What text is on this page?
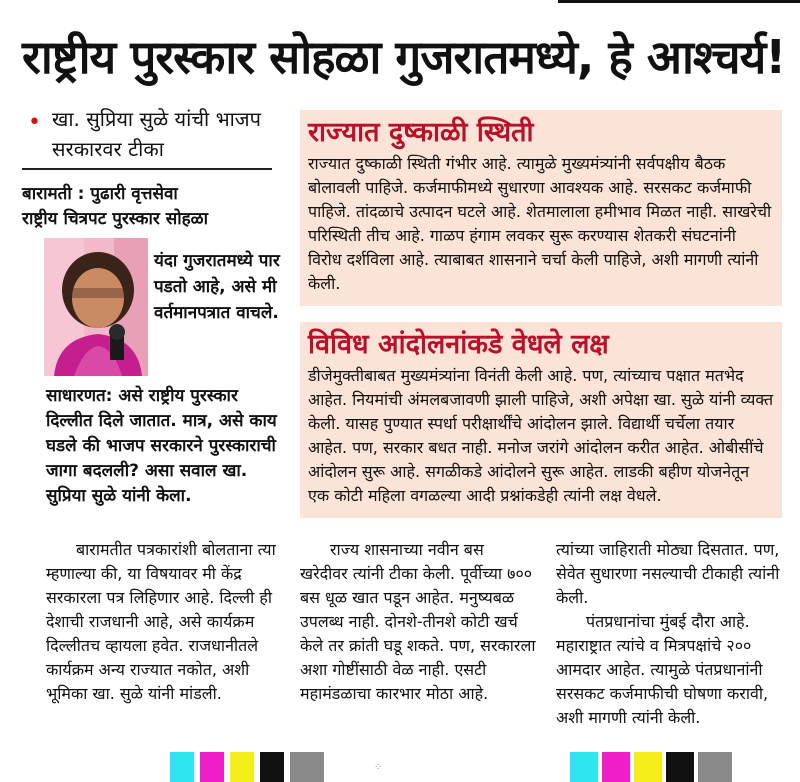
राष्ट्रीय पुरस्कार सोहळा गुजरातमध्ये, हे आश्चर्य!
• खा. सुप्रिया सुळे यांची भाजप सरकारवर टीका
बारामती : पुढारी वृत्तसेवा
राष्ट्रीय चित्रपट पुरस्कार सोहळा
यंदा गुजरातमध्ये पार पडतो आहे, असे मी वर्तमानपत्रात वाचले.
साधारणत: असे राष्ट्रीय पुरस्कार दिल्लीत दिले जातात. मात्र, असे काय घडले की भाजप सरकारने पुरस्काराची जागा बदलली? असा सवाल खा. सुप्रिया सुळे यांनी केला.
बारामतीत पत्रकारांशी बोलताना त्या म्हणाल्या की, या विषयावर मी केंद्र सरकारला पत्र लिहिणार आहे. दिल्ली ही देशाची राजधानी आहे, असे कार्यक्रम दिल्लीतच व्हायला हवेत. राजधानीतले कार्यक्रम अन्य राज्यात नकोत, अशी भूमिका खा. सुळे यांनी मांडली.
राज्यात दुष्काळी स्थिती
राज्यात दुष्काळी स्थिती गंभीर आहे. त्यामुळे मुख्यमंत्र्यांनी सर्वपक्षीय बैठक बोलावली पाहिजे. कर्जमाफीमध्ये सुधारणा आवश्यक आहे. सरसकट कर्जमाफी पाहिजे. तांदळाचे उत्पादन घटले आहे. शेतमालाला हमीभाव मिळत नाही. साखरेची परिस्थिती तीच आहे. गाळप हंगाम लवकर सुरू करण्यास शेतकरी संघटनांनी विरोध दर्शविला आहे. त्याबाबत शासनाने चर्चा केली पाहिजे, अशी मागणी त्यांनी केली.
विविध आंदोलनांकडे वेधले लक्ष
डीजेमुक्तीबाबत मुख्यमंत्र्यांना विनंती केली आहे. पण, त्यांच्याच पक्षात मतभेद आहेत. नियमांची अंमलबजावणी झाली पाहिजे, अशी अपेक्षा खा. सुळे यांनी व्यक्त केली. यासह पुण्यात स्पर्धा परीक्षार्थींचे आंदोलन झाले. विद्यार्थी चर्चेला तयार आहेत. पण, सरकार बधत नाही. मनोज जरांगे आंदोलन करीत आहेत. ओबीसींचे आंदोलन सुरू आहे. सगळीकडे आंदोलने सुरू आहेत. लाडकी बहीण योजनेतून एक कोटी महिला वगळल्या आदी प्रश्नांकडेही त्यांनी लक्ष वेधले.
राज्य शासनाच्या नवीन बस खरेदीवर त्यांनी टीका केली. पूर्वीच्या ७०० बस धूळ खात पडून आहेत. मनुष्यबळ उपलब्ध नाही. दोनशे-तीनशे कोटी खर्च केले तर क्रांती घडू शकते. पण, सरकारला अशा गोष्टींसाठी वेळ नाही. एसटी महामंडळाचा कारभार मोठा आहे.
त्यांच्या जाहिराती मोठ्या दिसतात. पण, सेवेत सुधारणा नसल्याची टीकाही त्यांनी केली.
पंतप्रधानांचा मुंबई दौरा आहे. महाराष्ट्रात त्यांचे व मित्रपक्षांचे २०० आमदार आहेत. त्यामुळे पंतप्रधानांनी सरसकट कर्जमाफीची घोषणा करावी, अशी मागणी त्यांनी केली.
⁘
